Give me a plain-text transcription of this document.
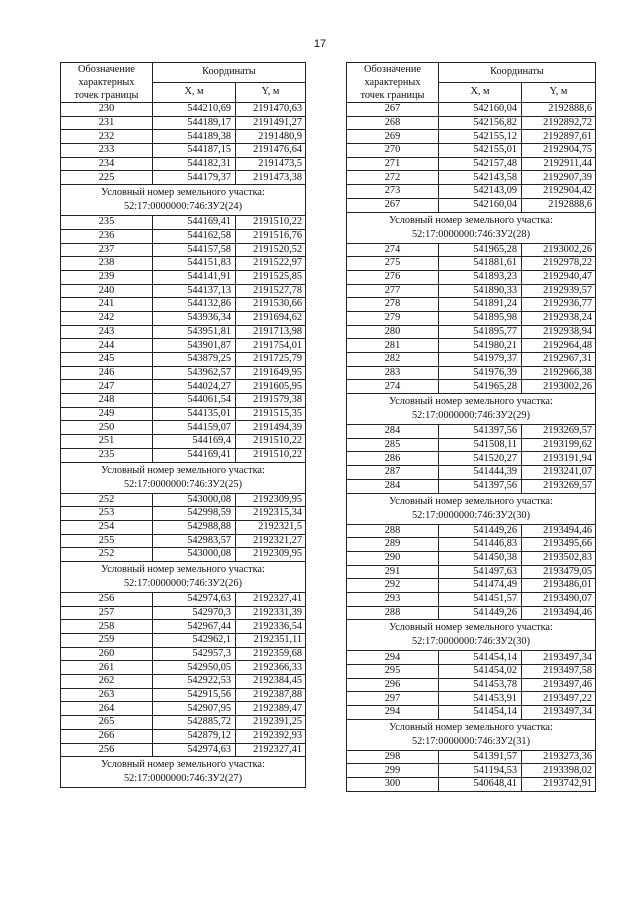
17
Обозначение
характерных
точек границы	Координаты	
	X, м	Y, м
230	544210,69	2191470,63
231	544189,17	2191491,27
232	544189,38	2191480,9
233	544187,15	2191476,64
234	544182,31	2191473,5
225	544179,37	2191473,38
Условный номер земельного участка:
52:17:0000000:746:ЗУ2(24)		
235	544169,41	2191510,22
236	544162,58	2191516,76
237	544157,58	2191520,52
238	544151,83	2191522,97
239	544141,91	2191525,85
240	544137,13	2191527,78
241	544132,86	2191530,66
242	543936,34	2191694,62
243	543951,81	2191713,98
244	543901,87	2191754,01
245	543879,25	2191725,79
246	543962,57	2191649,95
247	544024,27	2191605,95
248	544061,54	2191579,38
249	544135,01	2191515,35
250	544159,07	2191494,39
251	544169,4	2191510,22
235	544169,41	2191510,22
Условный номер земельного участка:
52:17:0000000:746:ЗУ2(25)		
252	543000,08	2192309,95
253	542998,59	2192315,34
254	542988,88	2192321,5
255	542983,57	2192321,27
252	543000,08	2192309,95
Условный номер земельного участка:
52:17:0000000:746:ЗУ2(26)		
256	542974,63	2192327,41
257	542970,3	2192331,39
258	542967,44	2192336,54
259	542962,1	2192351,11
260	542957,3	2192359,68
261	542950,05	2192366,33
262	542922,53	2192384,45
263	542915,56	2192387,88
264	542907,95	2192389,47
265	542885,72	2192391,25
266	542879,12	2192392,93
256	542974,63	2192327,41
Условный номер земельного участка:
52:17:0000000:746:ЗУ2(27)		
Обозначение
характерных
точек границы	Координаты	
	X, м	Y, м
267	542160,04	2192888,6
268	542156,82	2192892,72
269	542155,12	2192897,61
270	542155,01	2192904,75
271	542157,48	2192911,44
272	542143,58	2192907,39
273	542143,09	2192904,42
267	542160,04	2192888,6
Условный номер земельного участка:
52:17:0000000:746:ЗУ2(28)		
274	541965,28	2193002,26
275	541881,61	2192978,22
276	541893,23	2192940,47
277	541890,33	2192939,57
278	541891,24	2192936,77
279	541895,98	2192938,24
280	541895,77	2192938,94
281	541980,21	2192964,48
282	541979,37	2192967,31
283	541976,39	2192966,38
274	541965,28	2193002,26
Условный номер земельного участка:
52:17:0000000:746:ЗУ2(29)		
284	541397,56	2193269,57
285	541508,11	2193199,62
286	541520,27	2193191,94
287	541444,39	2193241,07
284	541397,56	2193269,57
Условный номер земельного участка:
52:17:0000000:746:ЗУ2(30)		
288	541449,26	2193494,46
289	541446,83	2193495,66
290	541450,38	2193502,83
291	541497,63	2193479,05
292	541474,49	2193486,01
293	541451,57	2193490,07
288	541449,26	2193494,46
Условный номер земельного участка:
52:17:0000000:746:ЗУ2(30)		
294	541454,14	2193497,34
295	541454,02	2193497,58
296	541453,78	2193497,46
297	541453,91	2193497,22
294	541454,14	2193497,34
Условный номер земельного участка:
52:17:0000000:746:ЗУ2(31)		
298	541391,57	2193273,36
299	541194,53	2193398,02
300	540648,41	2193742,91
